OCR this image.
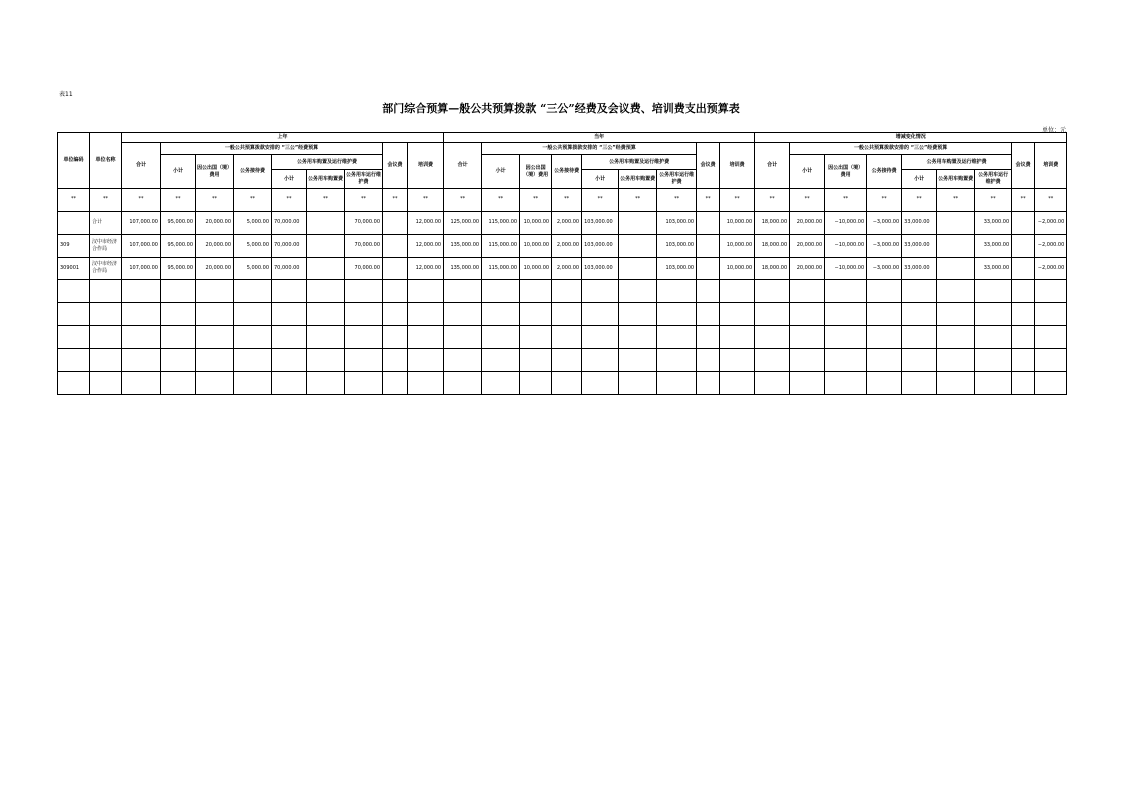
表11
部门综合预算—般公共预算拨款 “三公”经费及会议费、培训费支出预算表
单位：元
单位编码	单位名称	上年									当年									增减变化情况								
		合计	一般公共预算拨款安排的 “三公”经费预算						会议费	培训费	合计	一般公共预算拨款安排的 “三公”经费预算						会议费	培训费	合计	一般公共预算拨款安排的 “三公”经费预算						会议费	培训费
			小计	因公出国（境）费用	公务接待费	公务用车购置及运行维护费						小计	因公出国（境）费用	公务接待费	公务用车购置及运行维护费						小计	因公出国（境）费用	公务接待费	公务用车购置及运行维护费				
						小计	公务用车购置费	公务用车运行维护费							小计	公务用车购置费	公务用车运行维护费							小计	公务用车购置费	公务用车运行维护费		

**	**	**	**	**	**	**	**	**	**	**	**	**	**	**	**	**	**	**	**	**	**	**	**	**	**	**	**	**
	合计	107,000.00	95,000.00	20,000.00	5,000.00	70,000.00		70,000.00		12,000.00	125,000.00	115,000.00	10,000.00	2,000.00	103,000.00		103,000.00		10,000.00	18,000.00	20,000.00	−10,000.00	−3,000.00	33,000.00		33,000.00		−2,000.00
309	汉中市经济合作局	107,000.00	95,000.00	20,000.00	5,000.00	70,000.00		70,000.00		12,000.00	135,000.00	115,000.00	10,000.00	2,000.00	103,000.00		103,000.00		10,000.00	18,000.00	20,000.00	−10,000.00	−3,000.00	33,000.00		33,000.00		−2,000.00
309001	汉中市经济合作局	107,000.00	95,000.00	20,000.00	5,000.00	70,000.00		70,000.00		12,000.00	135,000.00	115,000.00	10,000.00	2,000.00	103,000.00		103,000.00		10,000.00	18,000.00	20,000.00	−10,000.00	−3,000.00	33,000.00		33,000.00		−2,000.00
